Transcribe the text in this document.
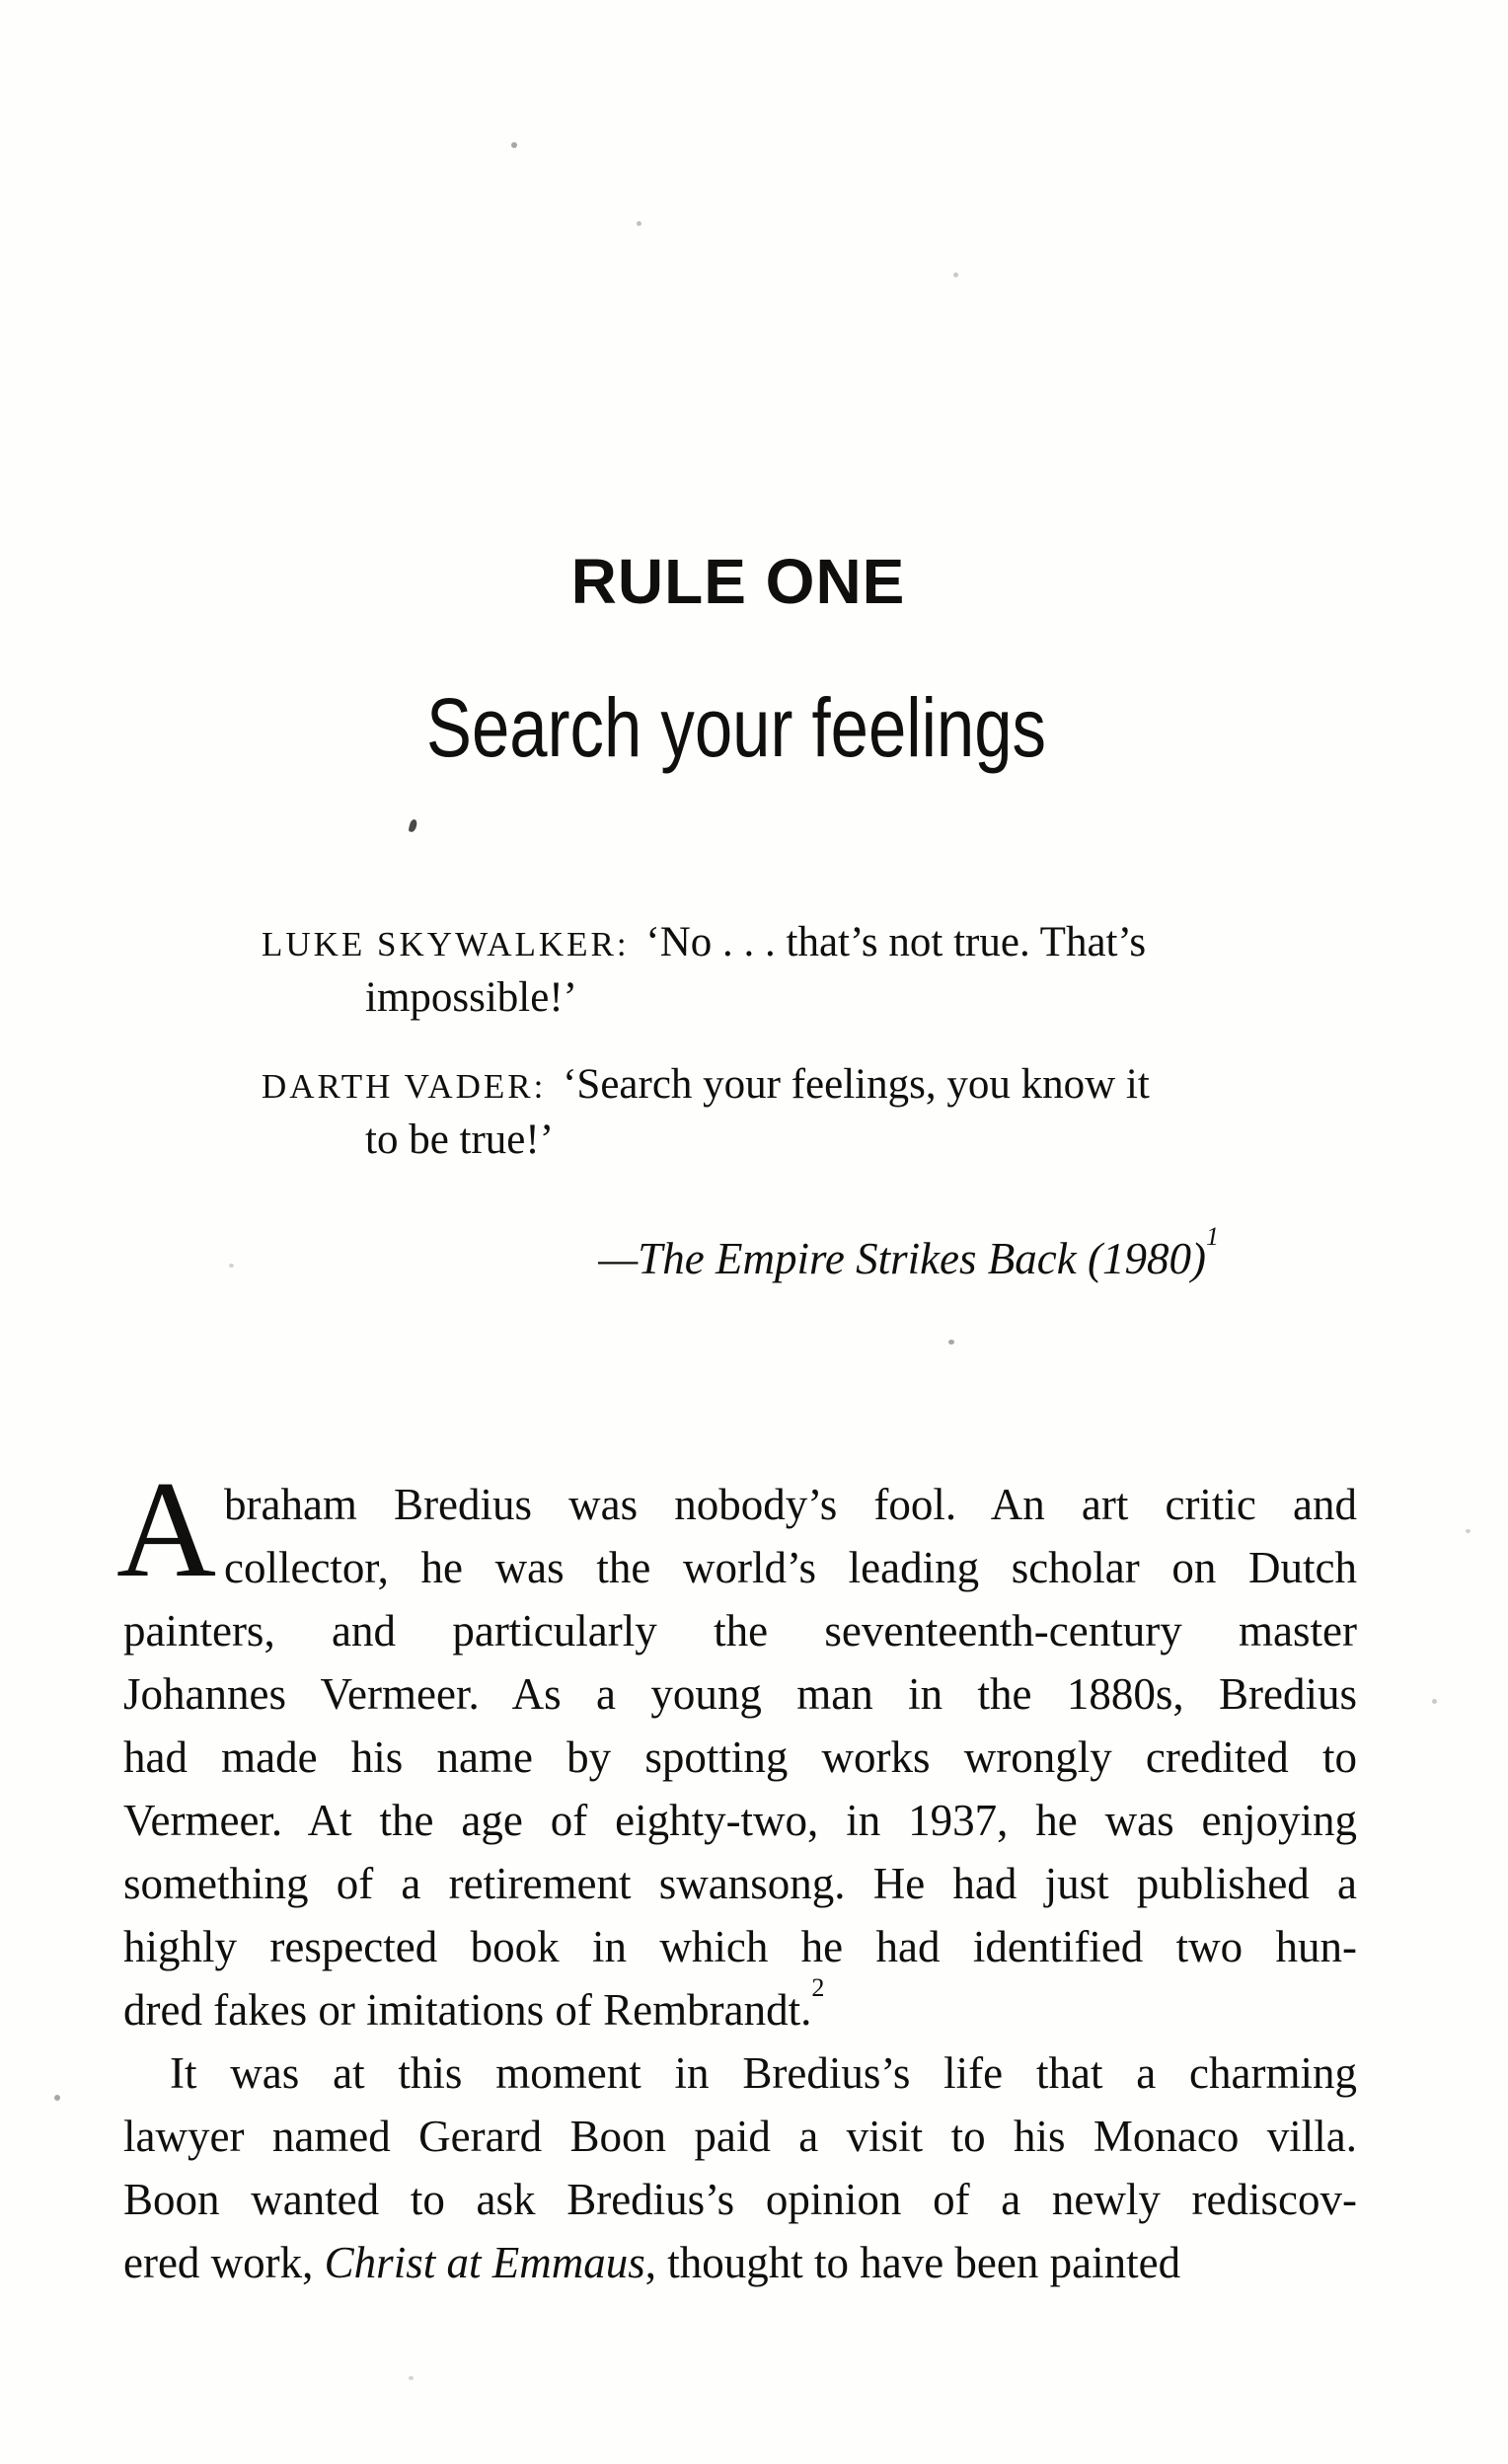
RULE ONE
Search your feelings
LUKE SKYWALKER: ‘No . . . that’s not true. That’s
impossible!’
DARTH VADER: ‘Search your feelings, you know it
to be true!’
—The Empire Strikes Back (1980)$^1$
A braham Bredius was nobody’s fool. An art critic and
collector, he was the world’s leading scholar on Dutch
painters, and particularly the seventeenth-century master
Johannes Vermeer. As a young man in the 1880s, Bredius
had made his name by spotting works wrongly credited to
Vermeer. At the age of eighty-two, in 1937, he was enjoying
something of a retirement swansong. He had just published a
highly respected book in which he had identified two hun-
dred fakes or imitations of Rembrandt.$^2$
It was at this moment in Bredius’s life that a charming
lawyer named Gerard Boon paid a visit to his Monaco villa.
Boon wanted to ask Bredius’s opinion of a newly rediscov-
ered work, Christ at Emmaus, thought to have been painted
